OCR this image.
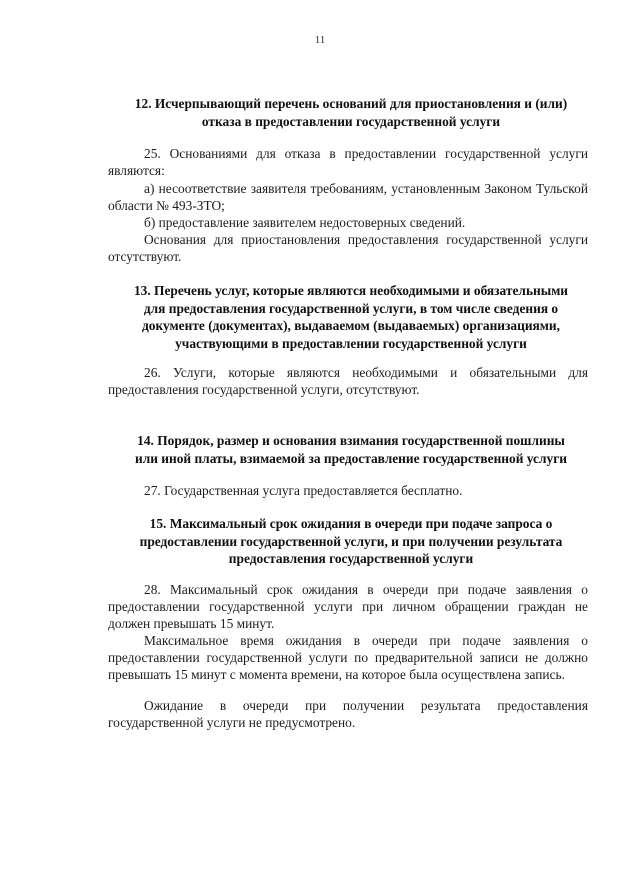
11
12. Исчерпывающий перечень оснований для приостановления и (или)
отказа в предоставлении государственной услуги
25. Основаниями для отказа в предоставлении государственной услуги являются:
а) несоответствие заявителя требованиям, установленным Законом Тульской области № 493-ЗТО;
б) предоставление заявителем недостоверных сведений.
Основания для приостановления предоставления государственной услуги отсутствуют.
13. Перечень услуг, которые являются необходимыми и обязательными
для предоставления государственной услуги, в том числе сведения о
документе (документах), выдаваемом (выдаваемых) организациями,
участвующими в предоставлении государственной услуги
26. Услуги, которые являются необходимыми и обязательными для предоставления государственной услуги, отсутствуют.
14. Порядок, размер и основания взимания государственной пошлины
или иной платы, взимаемой за предоставление государственной услуги
27. Государственная услуга предоставляется бесплатно.
15. Максимальный срок ожидания в очереди при подаче запроса о
предоставлении государственной услуги, и при получении результата
предоставления государственной услуги
28. Максимальный срок ожидания в очереди при подаче заявления о предоставлении государственной услуги при личном обращении граждан не должен превышать 15 минут.
Максимальное время ожидания в очереди при подаче заявления о предоставлении государственной услуги по предварительной записи не должно превышать 15 минут с момента времени, на которое была осуществлена запись.
Ожидание в очереди при получении результата предоставления государственной услуги не предусмотрено.
